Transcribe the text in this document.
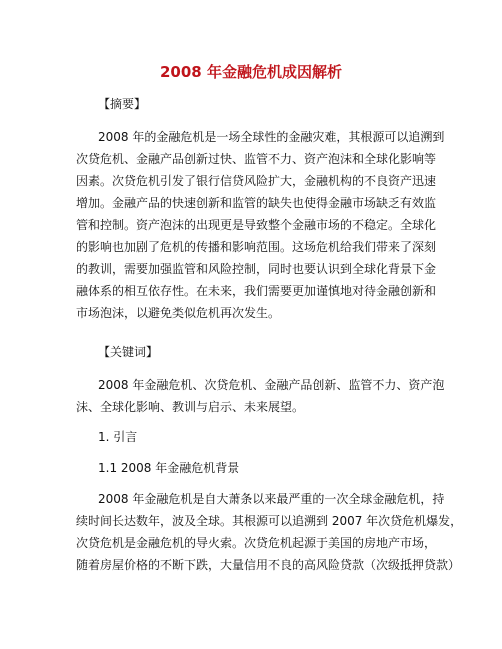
2008 年金融危机成因解析
【摘要】
2008 年的金融危机是一场全球性的金融灾难，其根源可以追溯到
次贷危机、金融产品创新过快、监管不力、资产泡沫和全球化影响等
因素。次贷危机引发了银行信贷风险扩大，金融机构的不良资产迅速
增加。金融产品的快速创新和监管的缺失也使得金融市场缺乏有效监
管和控制。资产泡沫的出现更是导致整个金融市场的不稳定。全球化
的影响也加剧了危机的传播和影响范围。这场危机给我们带来了深刻
的教训，需要加强监管和风险控制，同时也要认识到全球化背景下金
融体系的相互依存性。在未来，我们需要更加谨慎地对待金融创新和
市场泡沫，以避免类似危机再次发生。
【关键词】
2008 年金融危机、次贷危机、金融产品创新、监管不力、资产泡
沫、全球化影响、教训与启示、未来展望。
1. 引言
1.1 2008 年金融危机背景
2008 年金融危机是自大萧条以来最严重的一次全球金融危机，持
续时间长达数年，波及全球。其根源可以追溯到 2007 年次贷危机爆发，
次贷危机是金融危机的导火索。次贷危机起源于美国的房地产市场，
随着房屋价格的不断下跌，大量信用不良的高风险贷款（次级抵押贷款）
